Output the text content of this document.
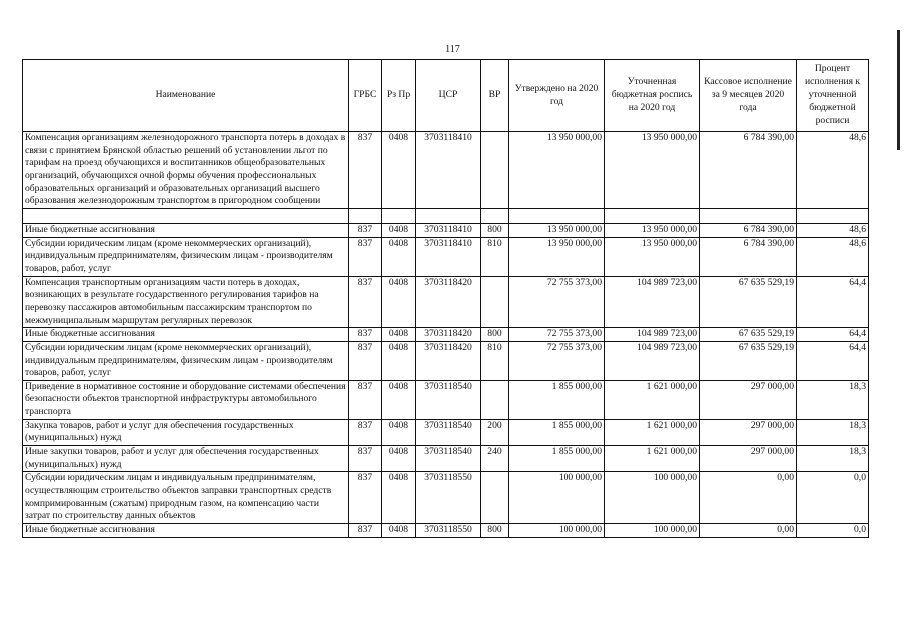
117
Наименование	ГРБС	Рз Пр	ЦСР	ВР	Утверждено на 2020 год	Уточненная бюджетная роспись на 2020 год	Кассовое исполнение за 9 месяцев 2020 года	Процент исполнения к уточненной бюджетной росписи
Компенсация организациям железнодорожного транспорта потерь в доходах в связи с принятием Брянской областью решений об установлении льгот по тарифам на проезд обучающихся и воспитанников общеобразовательных организаций, обучающихся очной формы обучения профессиональных образовательных организаций и образовательных организаций высшего образования железнодорожным транспортом в пригородном сообщении	837	0408	3703118410		13 950 000,00	13 950 000,00	6 784 390,00	48,6

Иные бюджетные ассигнования	837	0408	3703118410	800	13 950 000,00	13 950 000,00	6 784 390,00	48,6
Субсидии юридическим лицам (кроме некоммерческих организаций), индивидуальным предпринимателям, физическим лицам - производителям товаров, работ, услуг	837	0408	3703118410	810	13 950 000,00	13 950 000,00	6 784 390,00	48,6
Компенсация транспортным организациям части потерь в доходах, возникающих в результате государственного регулирования тарифов на перевозку пассажиров автомобильным пассажирским транспортом по межмуниципальным маршрутам регулярных перевозок	837	0408	3703118420		72 755 373,00	104 989 723,00	67 635 529,19	64,4
Иные бюджетные ассигнования	837	0408	3703118420	800	72 755 373,00	104 989 723,00	67 635 529,19	64,4
Субсидии юридическим лицам (кроме некоммерческих организаций), индивидуальным предпринимателям, физическим лицам - производителям товаров, работ, услуг	837	0408	3703118420	810	72 755 373,00	104 989 723,00	67 635 529,19	64,4
Приведение в нормативное состояние и оборудование системами обеспечения безопасности объектов транспортной инфраструктуры автомобильного транспорта	837	0408	3703118540		1 855 000,00	1 621 000,00	297 000,00	18,3
Закупка товаров, работ и услуг для обеспечения государственных (муниципальных) нужд	837	0408	3703118540	200	1 855 000,00	1 621 000,00	297 000,00	18,3
Иные закупки товаров, работ и услуг для обеспечения государственных (муниципальных) нужд	837	0408	3703118540	240	1 855 000,00	1 621 000,00	297 000,00	18,3
Субсидии юридическим лицам и индивидуальным предпринимателям, осуществляющим строительство объектов заправки транспортных средств компримированным (сжатым) природным газом, на компенсацию части затрат по строительству данных объектов	837	0408	3703118550		100 000,00	100 000,00	0,00	0,0
Иные бюджетные ассигнования	837	0408	3703118550	800	100 000,00	100 000,00	0,00	0,0
